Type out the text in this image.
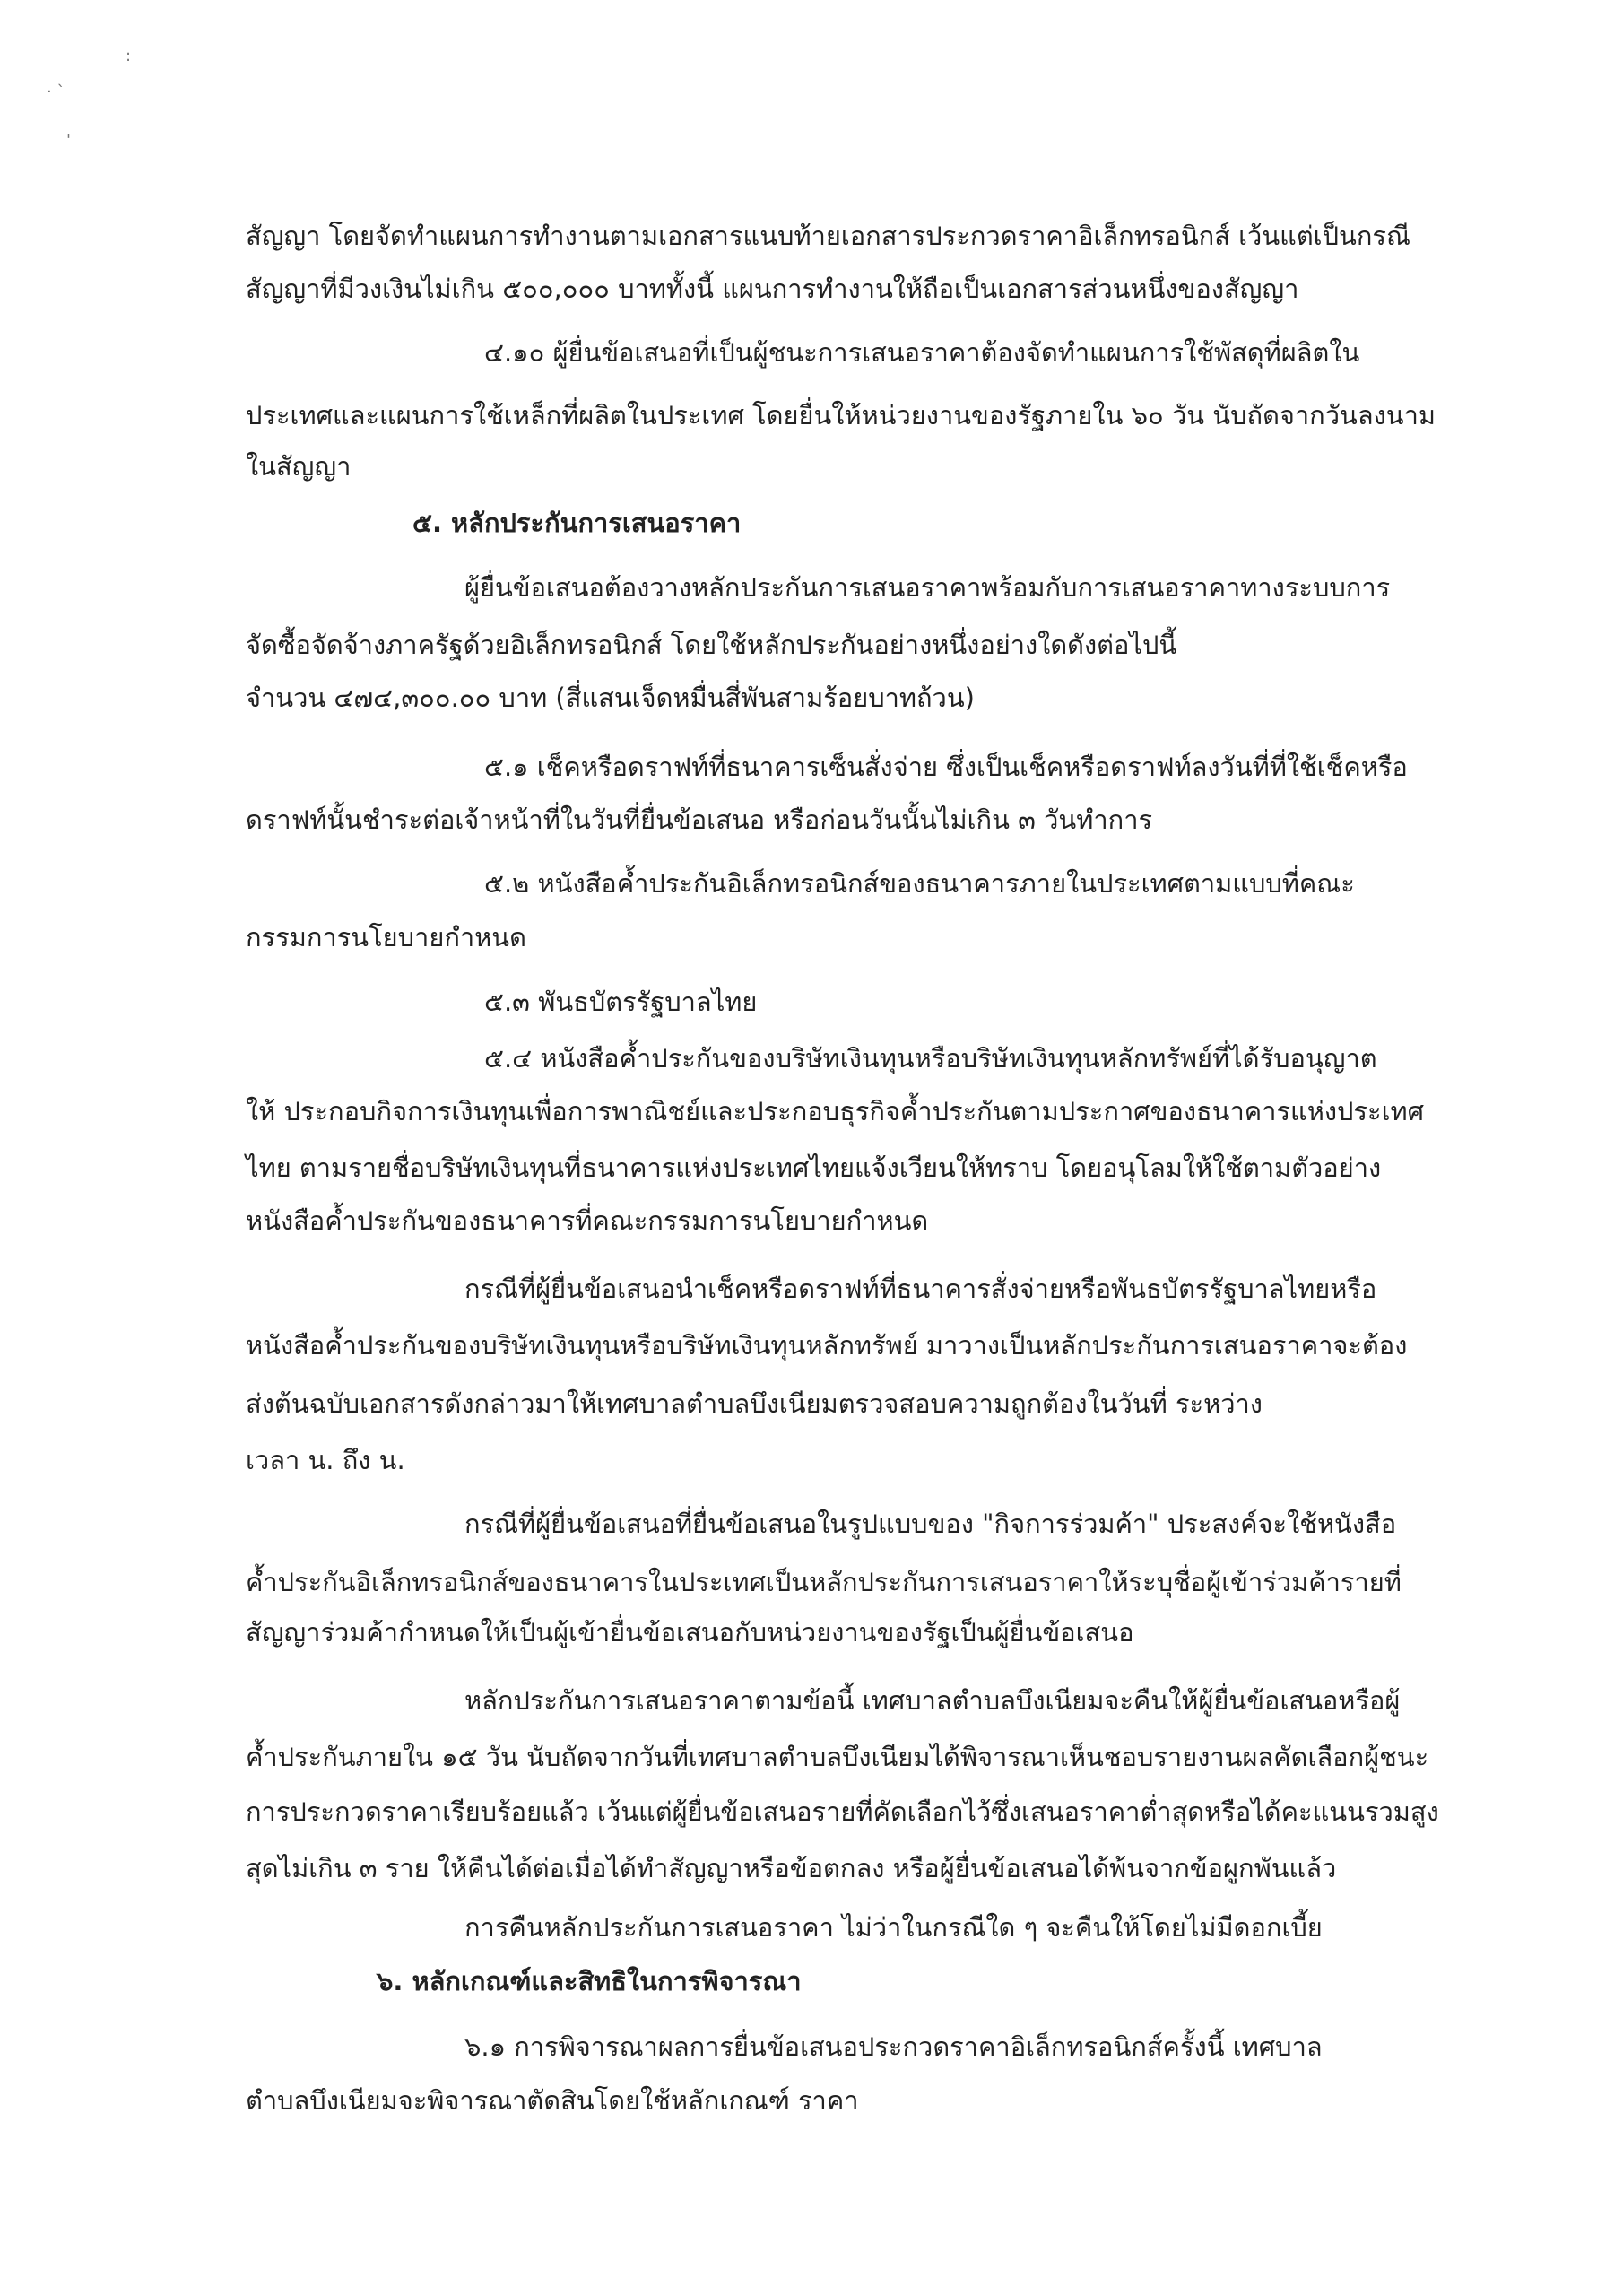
:
· `
'
สัญญา โดยจัดทำแผนการทำงานตามเอกสารแนบท้ายเอกสารประกวดราคาอิเล็กทรอนิกส์ เว้นแต่เป็นกรณี
สัญญาที่มีวงเงินไม่เกิน ๕๐๐,๐๐๐ บาททั้งนี้ แผนการทำงานให้ถือเป็นเอกสารส่วนหนึ่งของสัญญา
๔.๑๐ ผู้ยื่นข้อเสนอที่เป็นผู้ชนะการเสนอราคาต้องจัดทำแผนการใช้พัสดุที่ผลิตใน
ประเทศและแผนการใช้เหล็กที่ผลิตในประเทศ โดยยื่นให้หน่วยงานของรัฐภายใน ๖๐ วัน นับถัดจากวันลงนาม
ในสัญญา
๕. หลักประกันการเสนอราคา
ผู้ยื่นข้อเสนอต้องวางหลักประกันการเสนอราคาพร้อมกับการเสนอราคาทางระบบการ
จัดซื้อจัดจ้างภาครัฐด้วยอิเล็กทรอนิกส์ โดยใช้หลักประกันอย่างหนึ่งอย่างใดดังต่อไปนี้
จำนวน ๔๗๔,๓๐๐.๐๐ บาท (สี่แสนเจ็ดหมื่นสี่พันสามร้อยบาทถ้วน)
๕.๑ เช็คหรือดราฟท์ที่ธนาคารเซ็นสั่งจ่าย ซึ่งเป็นเช็คหรือดราฟท์ลงวันที่ที่ใช้เช็คหรือ
ดราฟท์นั้นชำระต่อเจ้าหน้าที่ในวันที่ยื่นข้อเสนอ หรือก่อนวันนั้นไม่เกิน ๓ วันทำการ
๕.๒ หนังสือค้ำประกันอิเล็กทรอนิกส์ของธนาคารภายในประเทศตามแบบที่คณะ
กรรมการนโยบายกำหนด
๕.๓ พันธบัตรรัฐบาลไทย
๕.๔ หนังสือค้ำประกันของบริษัทเงินทุนหรือบริษัทเงินทุนหลักทรัพย์ที่ได้รับอนุญาต
ให้ ประกอบกิจการเงินทุนเพื่อการพาณิชย์และประกอบธุรกิจค้ำประกันตามประกาศของธนาคารแห่งประเทศ
ไทย ตามรายชื่อบริษัทเงินทุนที่ธนาคารแห่งประเทศไทยแจ้งเวียนให้ทราบ โดยอนุโลมให้ใช้ตามตัวอย่าง
หนังสือค้ำประกันของธนาคารที่คณะกรรมการนโยบายกำหนด
กรณีที่ผู้ยื่นข้อเสนอนำเช็คหรือดราฟท์ที่ธนาคารสั่งจ่ายหรือพันธบัตรรัฐบาลไทยหรือ
หนังสือค้ำประกันของบริษัทเงินทุนหรือบริษัทเงินทุนหลักทรัพย์ มาวางเป็นหลักประกันการเสนอราคาจะต้อง
ส่งต้นฉบับเอกสารดังกล่าวมาให้เทศบาลตำบลบึงเนียมตรวจสอบความถูกต้องในวันที่ ระหว่าง
เวลา น. ถึง น.
กรณีที่ผู้ยื่นข้อเสนอที่ยื่นข้อเสนอในรูปแบบของ "กิจการร่วมค้า" ประสงค์จะใช้หนังสือ
ค้ำประกันอิเล็กทรอนิกส์ของธนาคารในประเทศเป็นหลักประกันการเสนอราคาให้ระบุชื่อผู้เข้าร่วมค้ารายที่
สัญญาร่วมค้ากำหนดให้เป็นผู้เข้ายื่นข้อเสนอกับหน่วยงานของรัฐเป็นผู้ยื่นข้อเสนอ
หลักประกันการเสนอราคาตามข้อนี้ เทศบาลตำบลบึงเนียมจะคืนให้ผู้ยื่นข้อเสนอหรือผู้
ค้ำประกันภายใน ๑๕ วัน นับถัดจากวันที่เทศบาลตำบลบึงเนียมได้พิจารณาเห็นชอบรายงานผลคัดเลือกผู้ชนะ
การประกวดราคาเรียบร้อยแล้ว เว้นแต่ผู้ยื่นข้อเสนอรายที่คัดเลือกไว้ซึ่งเสนอราคาต่ำสุดหรือได้คะแนนรวมสูง
สุดไม่เกิน ๓ ราย ให้คืนได้ต่อเมื่อได้ทำสัญญาหรือข้อตกลง หรือผู้ยื่นข้อเสนอได้พ้นจากข้อผูกพันแล้ว
การคืนหลักประกันการเสนอราคา ไม่ว่าในกรณีใด ๆ จะคืนให้โดยไม่มีดอกเบี้ย
๖. หลักเกณฑ์และสิทธิในการพิจารณา
๖.๑ การพิจารณาผลการยื่นข้อเสนอประกวดราคาอิเล็กทรอนิกส์ครั้งนี้ เทศบาล
ตำบลบึงเนียมจะพิจารณาตัดสินโดยใช้หลักเกณฑ์ ราคา
